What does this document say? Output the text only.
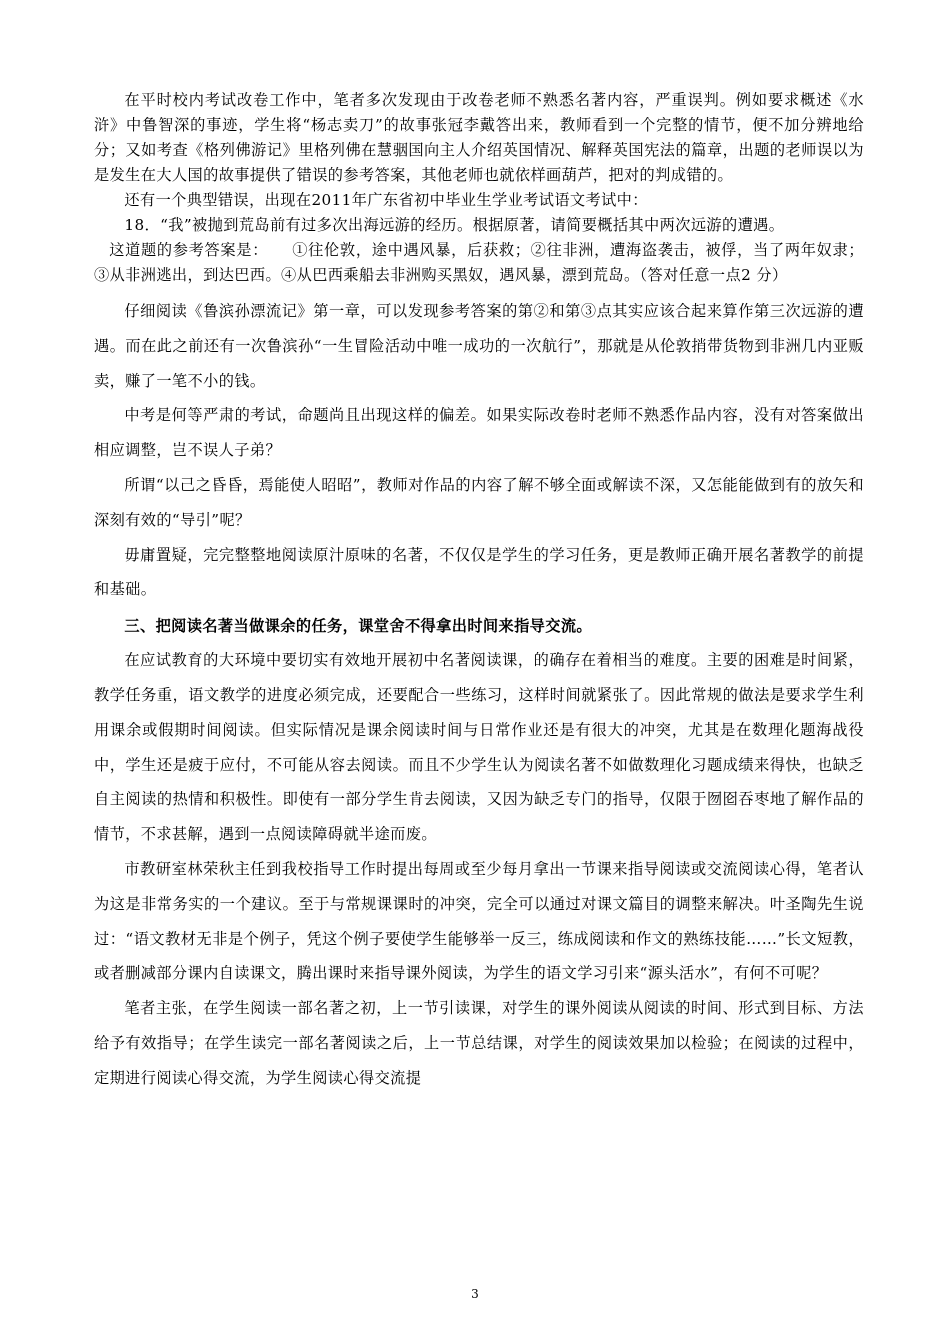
在平时校内考试改卷工作中，笔者多次发现由于改卷老师不熟悉名著内容，严重误判。例如要求概述《水浒》中鲁智深的事迹，学生将“杨志卖刀”的故事张冠李戴答出来，教师看到一个完整的情节，便不加分辨地给分；又如考查《格列佛游记》里格列佛在慧骃国向主人介绍英国情况、解释英国宪法的篇章，出题的老师误以为是发生在大人国的故事提供了错误的参考答案，其他老师也就依样画葫芦，把对的判成错的。

还有一个典型错误，出现在2011年广东省初中毕业生学业考试语文考试中：

18．“我”被抛到荒岛前有过多次出海远游的经历。根据原著，请简要概括其中两次远游的遭遇。

这道题的参考答案是：　　①往伦敦，途中遇风暴，后获救；②往非洲，遭海盗袭击，被俘，当了两年奴隶；③从非洲逃出，到达巴西。④从巴西乘船去非洲购买黑奴，遇风暴，漂到荒岛。（答对任意一点2 分）

仔细阅读《鲁滨孙漂流记》第一章，可以发现参考答案的第②和第③点其实应该合起来算作第三次远游的遭遇。而在此之前还有一次鲁滨孙“一生冒险活动中唯一成功的一次航行”，那就是从伦敦捎带货物到非洲几内亚贩卖，赚了一笔不小的钱。

中考是何等严肃的考试，命题尚且出现这样的偏差。如果实际改卷时老师不熟悉作品内容，没有对答案做出相应调整，岂不误人子弟？

所谓“以己之昏昏，焉能使人昭昭”，教师对作品的内容了解不够全面或解读不深，又怎能能做到有的放矢和深刻有效的“导引”呢？

毋庸置疑，完完整整地阅读原汁原味的名著，不仅仅是学生的学习任务，更是教师正确开展名著教学的前提和基础。

三、把阅读名著当做课余的任务，课堂舍不得拿出时间来指导交流。

在应试教育的大环境中要切实有效地开展初中名著阅读课，的确存在着相当的难度。主要的困难是时间紧，教学任务重，语文教学的进度必须完成，还要配合一些练习，这样时间就紧张了。因此常规的做法是要求学生利用课余或假期时间阅读。但实际情况是课余阅读时间与日常作业还是有很大的冲突，尤其是在数理化题海战役中，学生还是疲于应付，不可能从容去阅读。而且不少学生认为阅读名著不如做数理化习题成绩来得快，也缺乏自主阅读的热情和积极性。即使有一部分学生肯去阅读，又因为缺乏专门的指导，仅限于囫囵吞枣地了解作品的情节，不求甚解，遇到一点阅读障碍就半途而废。

市教研室林荣秋主任到我校指导工作时提出每周或至少每月拿出一节课来指导阅读或交流阅读心得，笔者认为这是非常务实的一个建议。至于与常规课课时的冲突，完全可以通过对课文篇目的调整来解决。叶圣陶先生说过：“语文教材无非是个例子，凭这个例子要使学生能够举一反三，练成阅读和作文的熟练技能……”长文短教，或者删减部分课内自读课文，腾出课时来指导课外阅读，为学生的语文学习引来“源头活水”，有何不可呢？

笔者主张，在学生阅读一部名著之初，上一节引读课，对学生的课外阅读从阅读的时间、形式到目标、方法给予有效指导；在学生读完一部名著阅读之后，上一节总结课，对学生的阅读效果加以检验；在阅读的过程中，定期进行阅读心得交流，为学生阅读心得交流提

3
